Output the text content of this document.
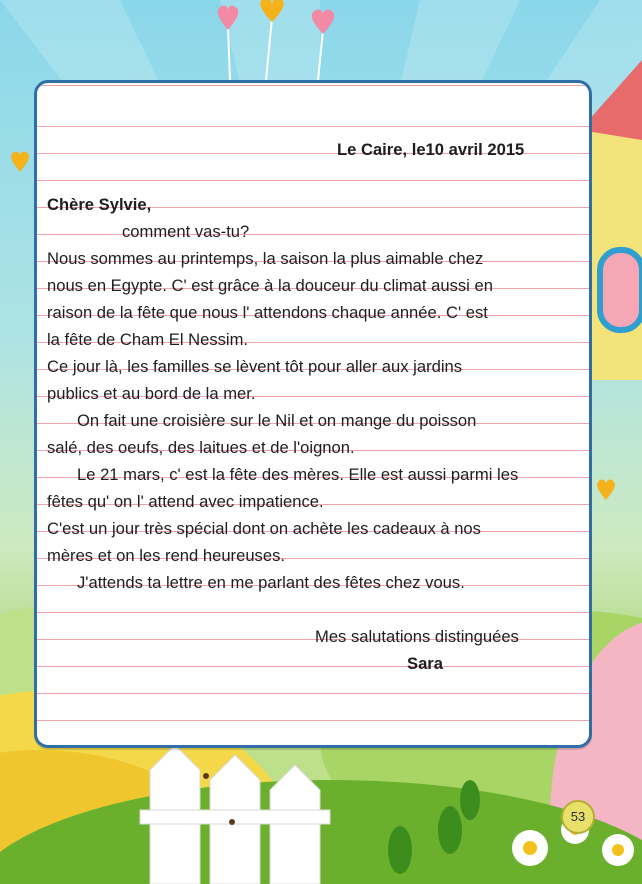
Le Caire, le10 avril 2015
Chère Sylvie,
comment vas-tu?
Nous sommes au printemps, la saison la plus aimable chez
nous en Egypte. C' est grâce à la douceur du climat aussi en
raison de la fête que nous l' attendons chaque année. C' est
la fête de Cham El Nessim.
Ce jour là, les familles se lèvent tôt pour aller aux jardins
publics et au bord de la mer.
On fait une croisière sur le Nil et on mange du poisson
salé, des oeufs, des laitues et de l'oignon.
Le 21 mars, c' est la fête des mères. Elle est aussi parmi les
fêtes qu' on l' attend avec impatience.
C'est un jour très spécial dont on achète les cadeaux à nos
mères et on les rend heureuses.
J'attends ta lettre en me parlant des fêtes chez vous.
Mes salutations distinguées
Sara
53
